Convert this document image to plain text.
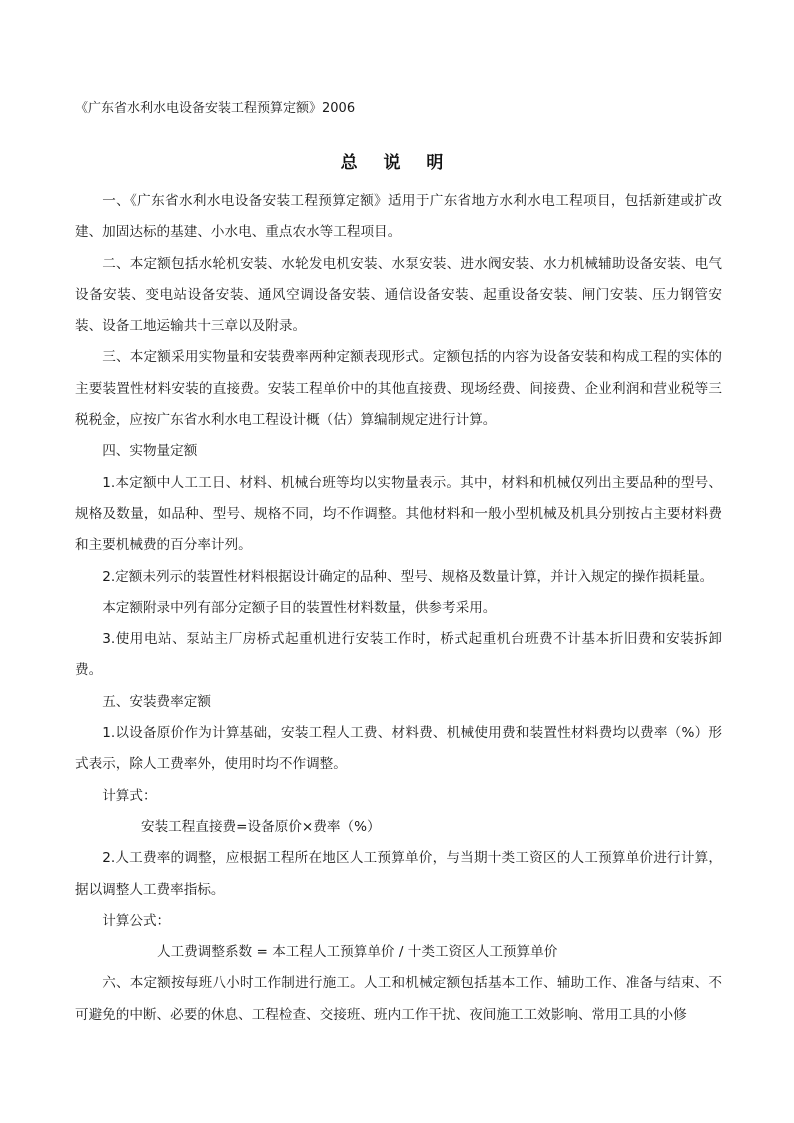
《广东省水利水电设备安装工程预算定额》2006
总 说 明

一、《广东省水利水电设备安装工程预算定额》适用于广东省地方水利水电工程项目，包括新建或扩改建、加固达标的基建、小水电、重点农水等工程项目。

二、本定额包括水轮机安装、水轮发电机安装、水泵安装、进水阀安装、水力机械辅助设备安装、电气设备安装、变电站设备安装、通风空调设备安装、通信设备安装、起重设备安装、闸门安装、压力钢管安装、设备工地运输共十三章以及附录。

三、本定额采用实物量和安装费率两种定额表现形式。定额包括的内容为设备安装和构成工程的实体的主要装置性材料安装的直接费。安装工程单价中的其他直接费、现场经费、间接费、企业利润和营业税等三税税金，应按广东省水利水电工程设计概（估）算编制规定进行计算。

四、实物量定额

1.本定额中人工工日、材料、机械台班等均以实物量表示。其中，材料和机械仅列出主要品种的型号、规格及数量，如品种、型号、规格不同，均不作调整。其他材料和一般小型机械及机具分别按占主要材料费和主要机械费的百分率计列。

2.定额未列示的装置性材料根据设计确定的品种、型号、规格及数量计算，并计入规定的操作损耗量。

本定额附录中列有部分定额子目的装置性材料数量，供参考采用。

3.使用电站、泵站主厂房桥式起重机进行安装工作时，桥式起重机台班费不计基本折旧费和安装拆卸费。

五、安装费率定额

1.以设备原价作为计算基础，安装工程人工费、材料费、机械使用费和装置性材料费均以费率（%）形式表示，除人工费率外，使用时均不作调整。

计算式：

安装工程直接费=设备原价×费率（%）

2.人工费率的调整，应根据工程所在地区人工预算单价，与当期十类工资区的人工预算单价进行计算，据以调整人工费率指标。

计算公式：

人工费调整系数 = 本工程人工预算单价 / 十类工资区人工预算单价

六、本定额按每班八小时工作制进行施工。人工和机械定额包括基本工作、辅助工作、准备与结束、不可避免的中断、必要的休息、工程检查、交接班、班内工作干扰、夜间施工工效影响、常用工具的小修
